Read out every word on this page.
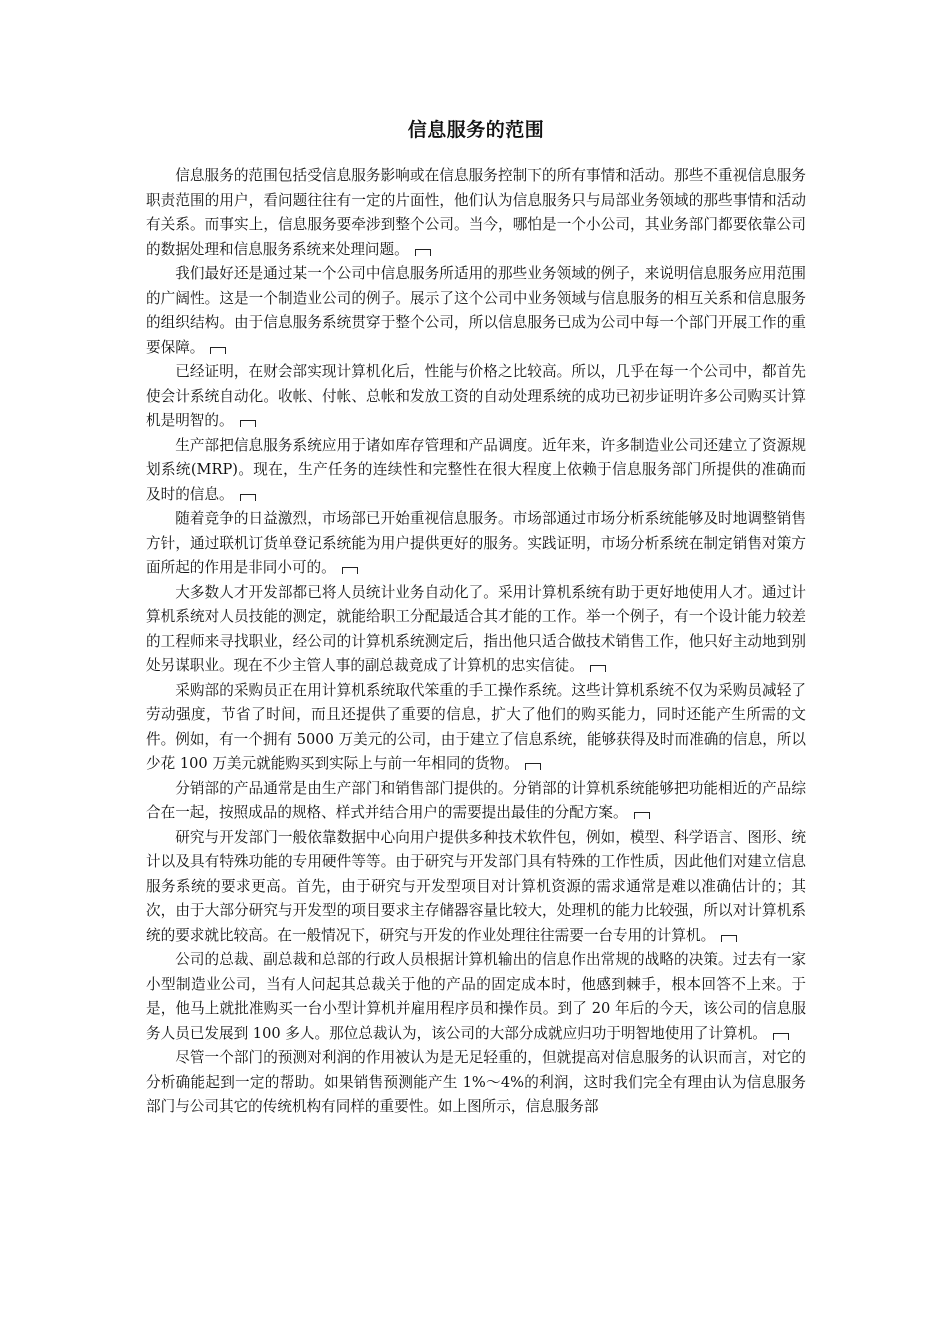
信息服务的范围

信息服务的范围包括受信息服务影响或在信息服务控制下的所有事情和活动。那些不重视信息服务职责范围的用户，看问题往往有一定的片面性，他们认为信息服务只与局部业务领域的那些事情和活动有关系。而事实上，信息服务要牵涉到整个公司。当今，哪怕是一个小公司，其业务部门都要依靠公司的数据处理和信息服务系统来处理问题。

我们最好还是通过某一个公司中信息服务所适用的那些业务领域的例子，来说明信息服务应用范围的广阔性。这是一个制造业公司的例子。展示了这个公司中业务领域与信息服务的相互关系和信息服务的组织结构。由于信息服务系统贯穿于整个公司，所以信息服务已成为公司中每一个部门开展工作的重要保障。

已经证明，在财会部实现计算机化后，性能与价格之比较高。所以，几乎在每一个公司中，都首先使会计系统自动化。收帐、付帐、总帐和发放工资的自动处理系统的成功已初步证明许多公司购买计算机是明智的。

生产部把信息服务系统应用于诸如库存管理和产品调度。近年来，许多制造业公司还建立了资源规划系统(MRP)。现在，生产任务的连续性和完整性在很大程度上依赖于信息服务部门所提供的准确而及时的信息。

随着竞争的日益激烈，市场部已开始重视信息服务。市场部通过市场分析系统能够及时地调整销售方针，通过联机订货单登记系统能为用户提供更好的服务。实践证明，市场分析系统在制定销售对策方面所起的作用是非同小可的。

大多数人才开发部都已将人员统计业务自动化了。采用计算机系统有助于更好地使用人才。通过计算机系统对人员技能的测定，就能给职工分配最适合其才能的工作。举一个例子，有一个设计能力较差的工程师来寻找职业，经公司的计算机系统测定后，指出他只适合做技术销售工作，他只好主动地到别处另谋职业。现在不少主管人事的副总裁竟成了计算机的忠实信徒。

采购部的采购员正在用计算机系统取代笨重的手工操作系统。这些计算机系统不仅为采购员减轻了劳动强度，节省了时间，而且还提供了重要的信息，扩大了他们的购买能力，同时还能产生所需的文件。例如，有一个拥有 5000 万美元的公司，由于建立了信息系统，能够获得及时而准确的信息，所以少花 100 万美元就能购买到实际上与前一年相同的货物。

分销部的产品通常是由生产部门和销售部门提供的。分销部的计算机系统能够把功能相近的产品综合在一起，按照成品的规格、样式并结合用户的需要提出最佳的分配方案。

研究与开发部门一般依靠数据中心向用户提供多种技术软件包，例如，模型、科学语言、图形、统计以及具有特殊功能的专用硬件等等。由于研究与开发部门具有特殊的工作性质，因此他们对建立信息服务系统的要求更高。首先，由于研究与开发型项目对计算机资源的需求通常是难以准确估计的；其次，由于大部分研究与开发型的项目要求主存储器容量比较大，处理机的能力比较强，所以对计算机系统的要求就比较高。在一般情况下，研究与开发的作业处理往往需要一台专用的计算机。

公司的总裁、副总裁和总部的行政人员根据计算机输出的信息作出常规的战略的决策。过去有一家小型制造业公司，当有人问起其总裁关于他的产品的固定成本时，他感到棘手，根本回答不上来。于是，他马上就批准购买一台小型计算机并雇用程序员和操作员。到了 20 年后的今天，该公司的信息服务人员已发展到 100 多人。那位总裁认为，该公司的大部分成就应归功于明智地使用了计算机。

尽管一个部门的预测对利润的作用被认为是无足轻重的，但就提高对信息服务的认识而言，对它的分析确能起到一定的帮助。如果销售预测能产生 1%～4%的利润，这时我们完全有理由认为信息服务部门与公司其它的传统机构有同样的重要性。如上图所示，信息服务部
